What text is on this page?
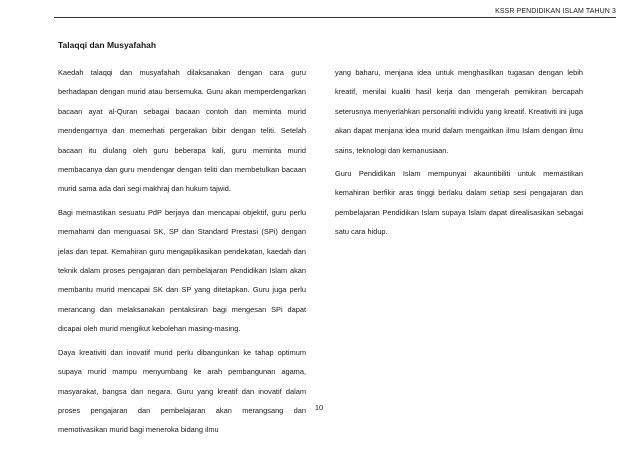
KSSR PENDIDIKAN ISLAM TAHUN 3
Talaqqi dan Musyafahah

Kaedah talaqqi dan musyafahah dilaksanakan dengan cara guru berhadapan dengan murid atau bersemuka. Guru akan memperdengarkan bacaan ayat al-Quran sebagai bacaan contoh dan meminta murid mendengarnya dan memerhati pergerakan bibir dengan teliti. Setelah bacaan itu diulang oleh guru beberapa kali, guru meminta murid membacanya dan guru mendengar dengan teliti dan membetulkan bacaan murid sama ada dari segi makhraj dan hukum tajwid.

Bagi memastikan sesuatu PdP berjaya dan mencapai objektif, guru perlu memahami dan menguasai SK, SP dan Standard Prestasi (SPi) dengan jelas dan tepat. Kemahiran guru mengaplikasikan pendekatan, kaedah dan teknik dalam proses pengajaran dan pembelajaran Pendidikan Islam akan membantu murid mencapai SK dan SP yang ditetapkan. Guru juga perlu merancang dan melaksanakan pentaksiran bagi mengesan SPi dapat dicapai oleh murid mengikut kebolehan masing-masing.

Daya kreativiti dan inovatif murid perlu dibangunkan ke tahap optimum supaya murid mampu menyumbang ke arah pembangunan agama, masyarakat, bangsa dan negara. Guru yang kreatif dan inovatif dalam proses pengajaran dan pembelajaran akan merangsang dan memotivasikan murid bagi meneroka bidang ilmu

yang baharu, menjana idea untuk menghasilkan tugasan dengan lebih kreatif, menilai kualiti hasil kerja dan mengerah pemikiran bercapah seterusnya menyerlahkan personaliti individu yang kreatif. Kreativiti ini juga akan dapat menjana idea murid dalam mengaitkan ilmu Islam dengan ilmu sains, teknologi dan kemanusiaan.

Guru Pendidikan Islam mempunyai akauntibiliti untuk memastikan kemahiran berfikir aras tinggi berlaku dalam setiap sesi pengajaran dan pembelajaran Pendidikan Islam supaya Islam dapat direalisasikan sebagai satu cara hidup.

10
